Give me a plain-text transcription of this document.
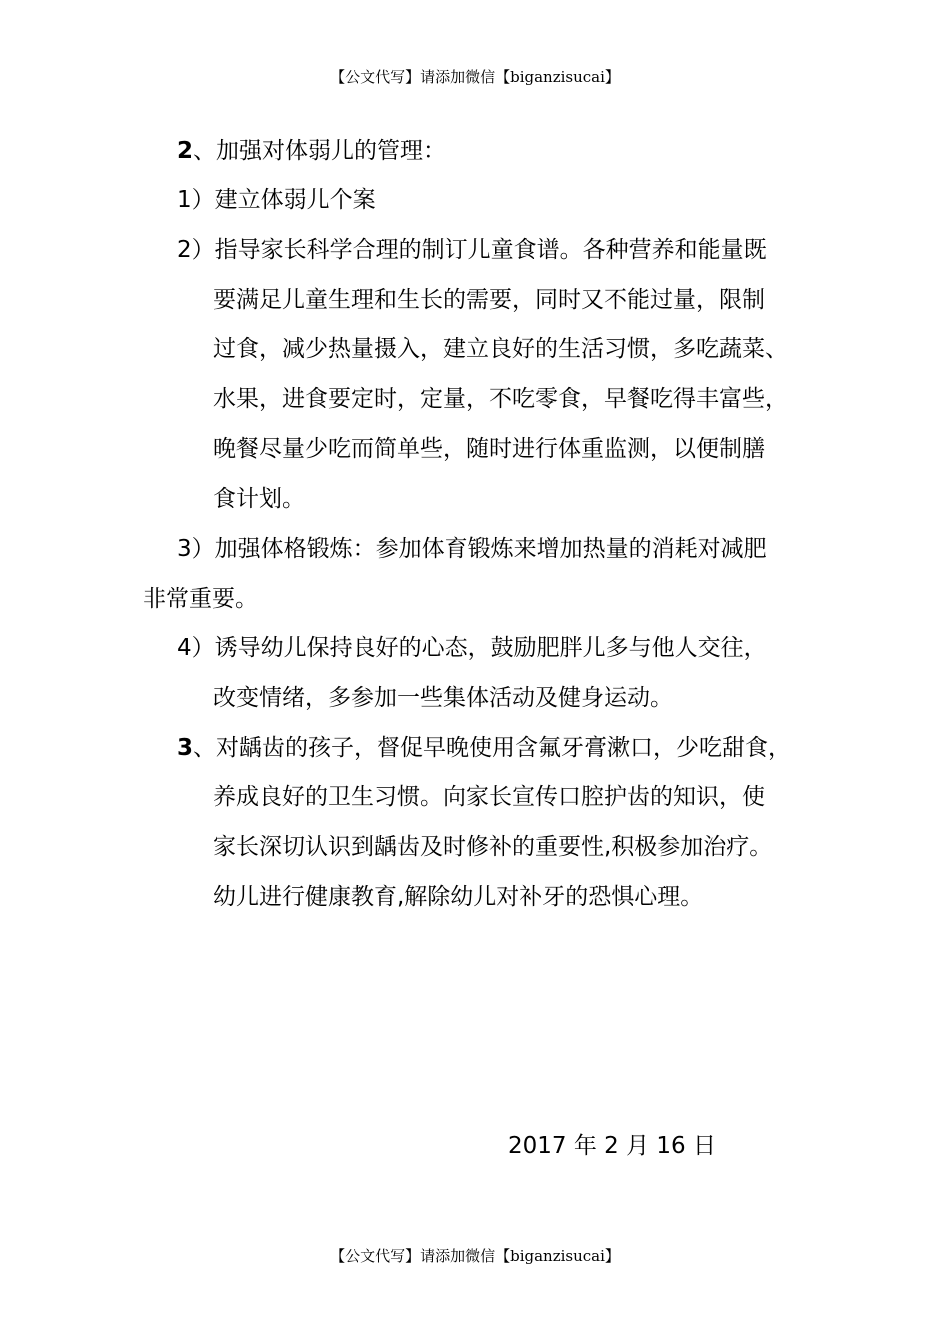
【公文代写】请添加微信【biganzisucai】
2、加强对体弱儿的管理：
1）建立体弱儿个案
2）指导家长科学合理的制订儿童食谱。各种营养和能量既
要满足儿童生理和生长的需要，同时又不能过量，限制
过食，减少热量摄入，建立良好的生活习惯，多吃蔬菜、
水果，进食要定时，定量，不吃零食，早餐吃得丰富些，
晚餐尽量少吃而简单些，随时进行体重监测，以便制膳
食计划。
3）加强体格锻炼：参加体育锻炼来增加热量的消耗对减肥
非常重要。
4）诱导幼儿保持良好的心态，鼓励肥胖儿多与他人交往，
改变情绪，多参加一些集体活动及健身运动。
3、对龋齿的孩子，督促早晚使用含氟牙膏漱口，少吃甜食，
养成良好的卫生习惯。向家长宣传口腔护齿的知识，使
家长深切认识到龋齿及时修补的重要性,积极参加治疗。
幼儿进行健康教育,解除幼儿对补牙的恐惧心理。
2017 年 2 月 16 日
【公文代写】请添加微信【biganzisucai】
